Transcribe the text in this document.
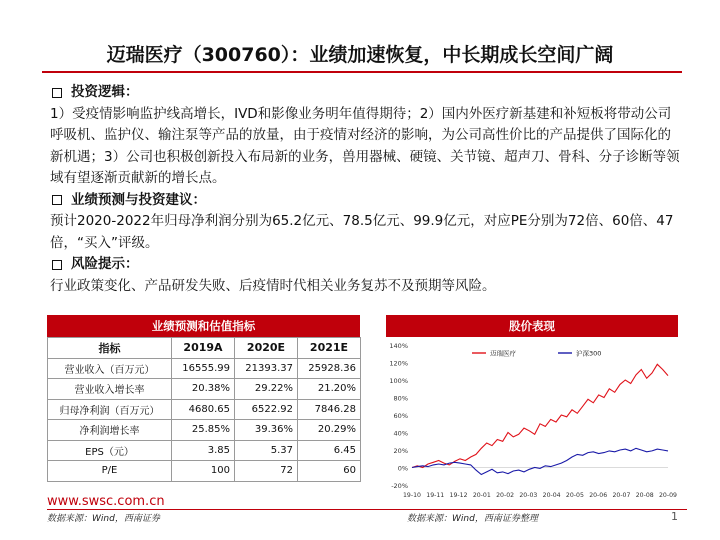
迈瑞医疗（300760）：业绩加速恢复，中长期成长空间广阔
投资逻辑：

1）受疫情影响监护线高增长，IVD和影像业务明年值得期待；2）国内外医疗新基建和补短板将带动公司呼吸机、监护仪、输注泵等产品的放量，由于疫情对经济的影响，为公司高性价比的产品提供了国际化的新机遇；3）公司也积极创新投入布局新的业务，兽用器械、硬镜、关节镜、超声刀、骨科、分子诊断等领域有望逐渐贡献新的增长点。

业绩预测与投资建议：

预计2020-2022年归母净利润分别为65.2亿元、78.5亿元、99.9亿元，对应PE分别为72倍、60倍、47倍，“买入”评级。

风险提示：

行业政策变化、产品研发失败、后疫情时代相关业务复苏不及预期等风险。

业绩预测和估值指标
指标	2019A	2020E	2021E
营业收入（百万元）	16555.99	21393.37	25928.36
营业收入增长率	20.38%	29.22%	21.20%
归母净利润（百万元）	4680.65	6522.92	7846.28
净利润增长率	25.85%	39.36%	20.29%
EPS（元）	3.85	5.37	6.45
P/E	100	72	60
股价表现
-20%
0%
20%
40%
60%
80%
100%
120%
140%
19-10 19-11 19-12 20-01 20-02 20-03 20-04 20-05 20-06 20-07 20-08 20-09
迈瑞医疗	沪深300
www.swsc.com.cn
数据来源：Wind，西南证券	数据来源：Wind，西南证券整理	1
